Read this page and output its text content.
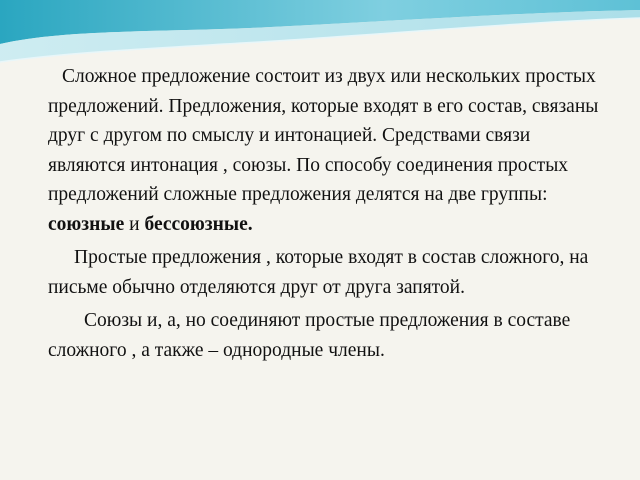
Сложное предложение состоит из двух или нескольких простых предложений. Предложения, которые входят в его состав, связаны друг с другом по смыслу и интонацией. Средствами связи являются интонация , союзы. По способу соединения простых предложений сложные предложения делятся на две группы: союзные и бессоюзные.

Простые предложения , которые входят в состав сложного, на письме обычно отделяются друг от друга запятой.

Союзы и, а, но соединяют простые предложения в составе сложного , а также – однородные члены.
